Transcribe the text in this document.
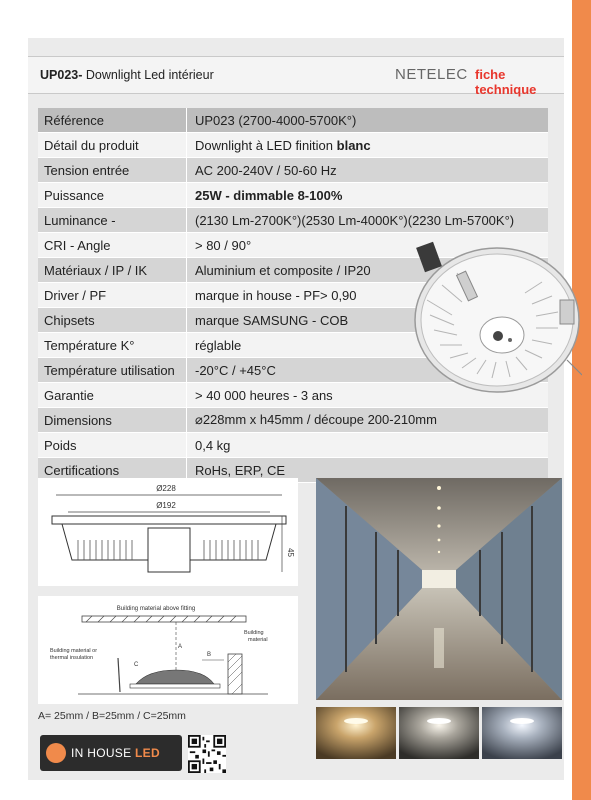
UP023- Downlight Led intérieur	NETELEC fiche technique
Référence	UP023 (2700-4000-5700K°)
Détail du produit	Downlight à LED finition blanc
Tension entrée	AC 200-240V / 50-60 Hz
Puissance	25W - dimmable 8-100%
Luminance -	(2130 Lm-2700K°)(2530 Lm-4000K°)(2230 Lm-5700K°)
CRI - Angle	> 80 / 90°
Matériaux / IP / IK	Aluminium et composite / IP20
Driver / PF	marque in house - PF> 0,90
Chipsets	marque SAMSUNG - COB
Température K°	réglable
Température utilisation	-20°C / +45°C
Garantie	> 40 000 heures - 3 ans
Dimensions	⌀228mm x h45mm / découpe 200-210mm
Poids	0,4 kg
Certifications	RoHs, ERP, CE
Ø228
Ø192
45
Building material above fitting
Building material or
thermal insulation
Building
material
A
B
C
A= 25mm / B=25mm / C=25mm
IN HOUSE LED
